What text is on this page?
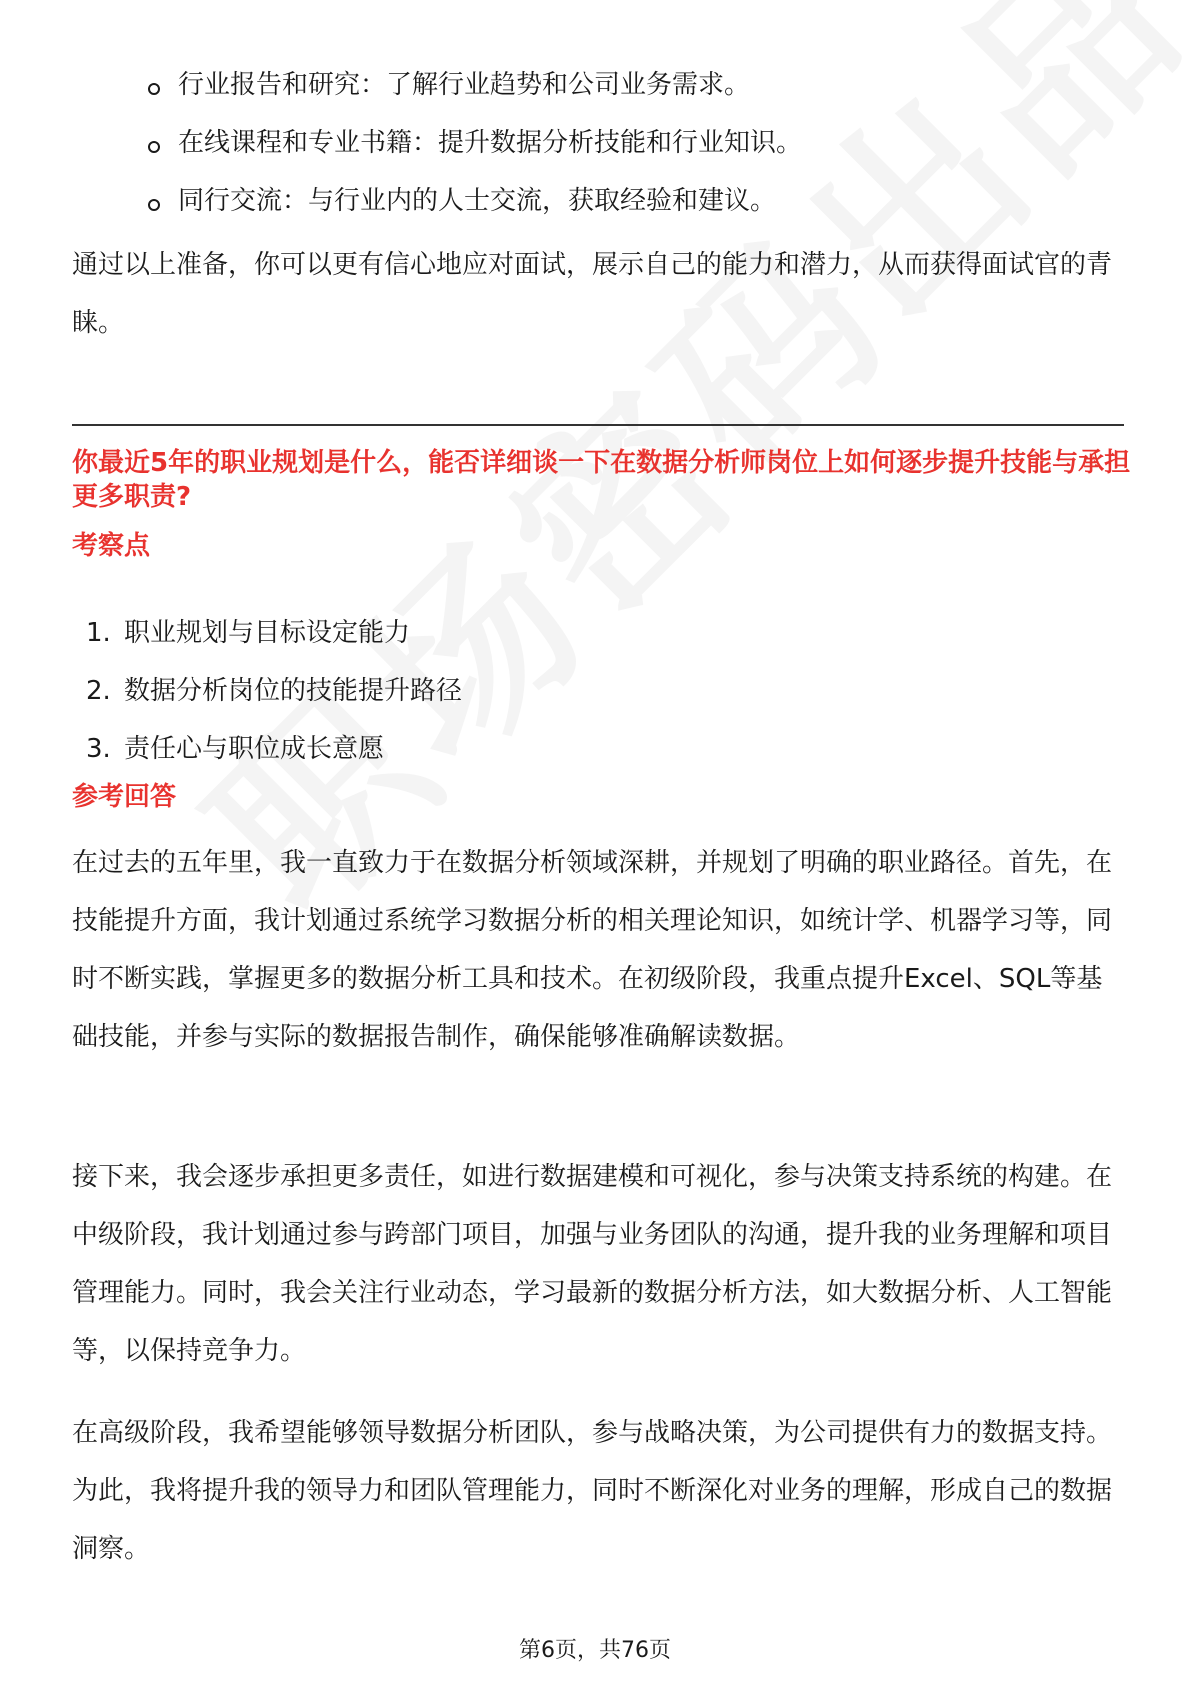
行业报告和研究：了解行业趋势和公司业务需求。
在线课程和专业书籍：提升数据分析技能和行业知识。
同行交流：与行业内的人士交流，获取经验和建议。

通过以上准备，你可以更有信心地应对面试，展示自己的能力和潜力，从而获得面试官的青睐。

你最近5年的职业规划是什么，能否详细谈一下在数据分析师岗位上如何逐步提升技能与承担更多职责?

考察点

1. 职业规划与目标设定能力
2. 数据分析岗位的技能提升路径
3. 责任心与职位成长意愿

参考回答

在过去的五年里，我一直致力于在数据分析领域深耕，并规划了明确的职业路径。首先，在技能提升方面，我计划通过系统学习数据分析的相关理论知识，如统计学、机器学习等，同时不断实践，掌握更多的数据分析工具和技术。在初级阶段，我重点提升Excel、SQL等基础技能，并参与实际的数据报告制作，确保能够准确解读数据。

接下来，我会逐步承担更多责任，如进行数据建模和可视化，参与决策支持系统的构建。在中级阶段，我计划通过参与跨部门项目，加强与业务团队的沟通，提升我的业务理解和项目管理能力。同时，我会关注行业动态，学习最新的数据分析方法，如大数据分析、人工智能等，以保持竞争力。

在高级阶段，我希望能够领导数据分析团队，参与战略决策，为公司提供有力的数据支持。为此，我将提升我的领导力和团队管理能力，同时不断深化对业务的理解，形成自己的数据洞察。

第6页，共76页
